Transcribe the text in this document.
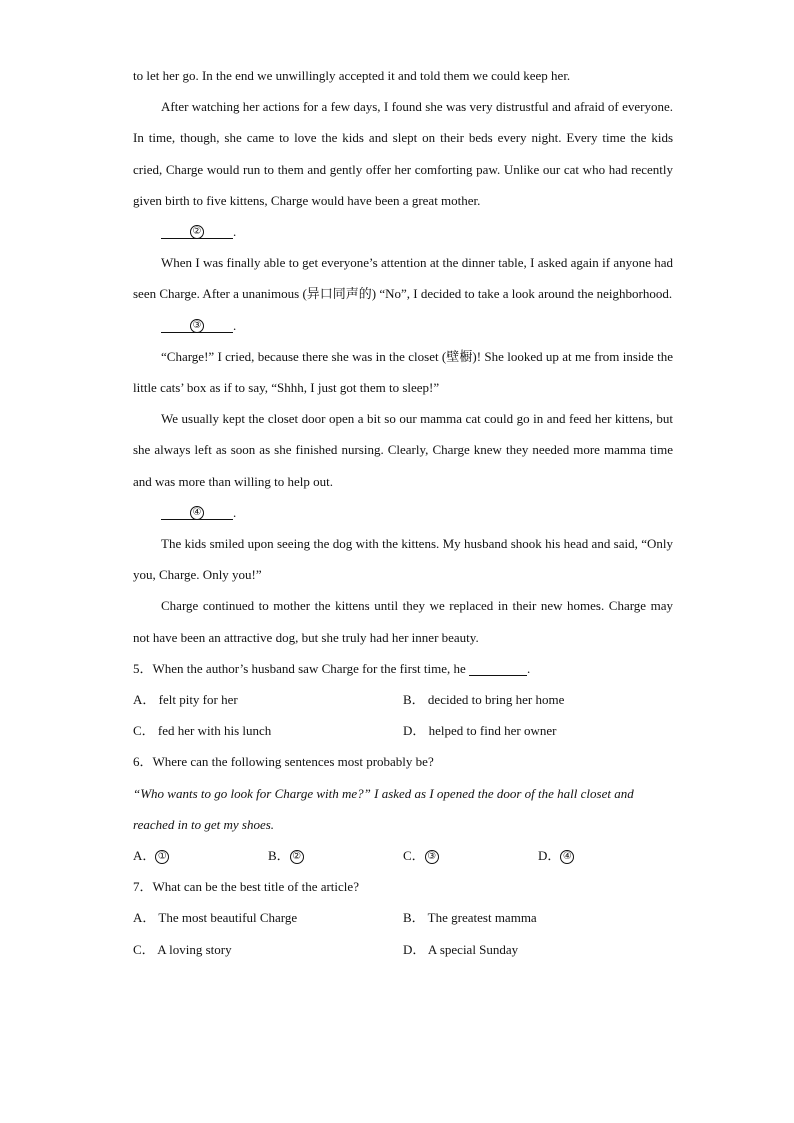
to let her go. In the end we unwillingly accepted it and told them we could keep her.

After watching her actions for a few days, I found she was very distrustful and afraid of everyone. In time, though, she came to love the kids and slept on their beds every night. Every time the kids cried, Charge would run to them and gently offer her comforting paw. Unlike our cat who had recently given birth to five kittens, Charge would have been a great mother.

② .

When I was finally able to get everyone’s attention at the dinner table, I asked again if anyone had seen Charge. After a unanimous (异口同声的) “No”, I decided to take a look around the neighborhood.

③ .

“Charge!” I cried, because there she was in the closet (壁橱)! She looked up at me from inside the little cats’ box as if to say, “Shhh, I just got them to sleep!”

We usually kept the closet door open a bit so our mamma cat could go in and feed her kittens, but she always left as soon as she finished nursing. Clearly, Charge knew they needed more mamma time and was more than willing to help out.

④ .

The kids smiled upon seeing the dog with the kittens. My husband shook his head and said, “Only you, Charge. Only you!”

Charge continued to mother the kittens until they we replaced in their new homes. Charge may not have been an attractive dog, but she truly had her inner beauty.

5．When the author’s husband saw Charge for the first time, he	.

A． felt pity for her	B． decided to bring her home
C． fed her with his lunch	D． helped to find her owner

6．Where can the following sentences most probably be?

“Who wants to go look for Charge with me?” I asked as I opened the door of the hall closet and reached in to get my shoes.

A． ①	B． ②	C． ③	D． ④

7．What can be the best title of the article?

A． The most beautiful Charge	B． The greatest mamma
C． A loving story	D． A special Sunday
